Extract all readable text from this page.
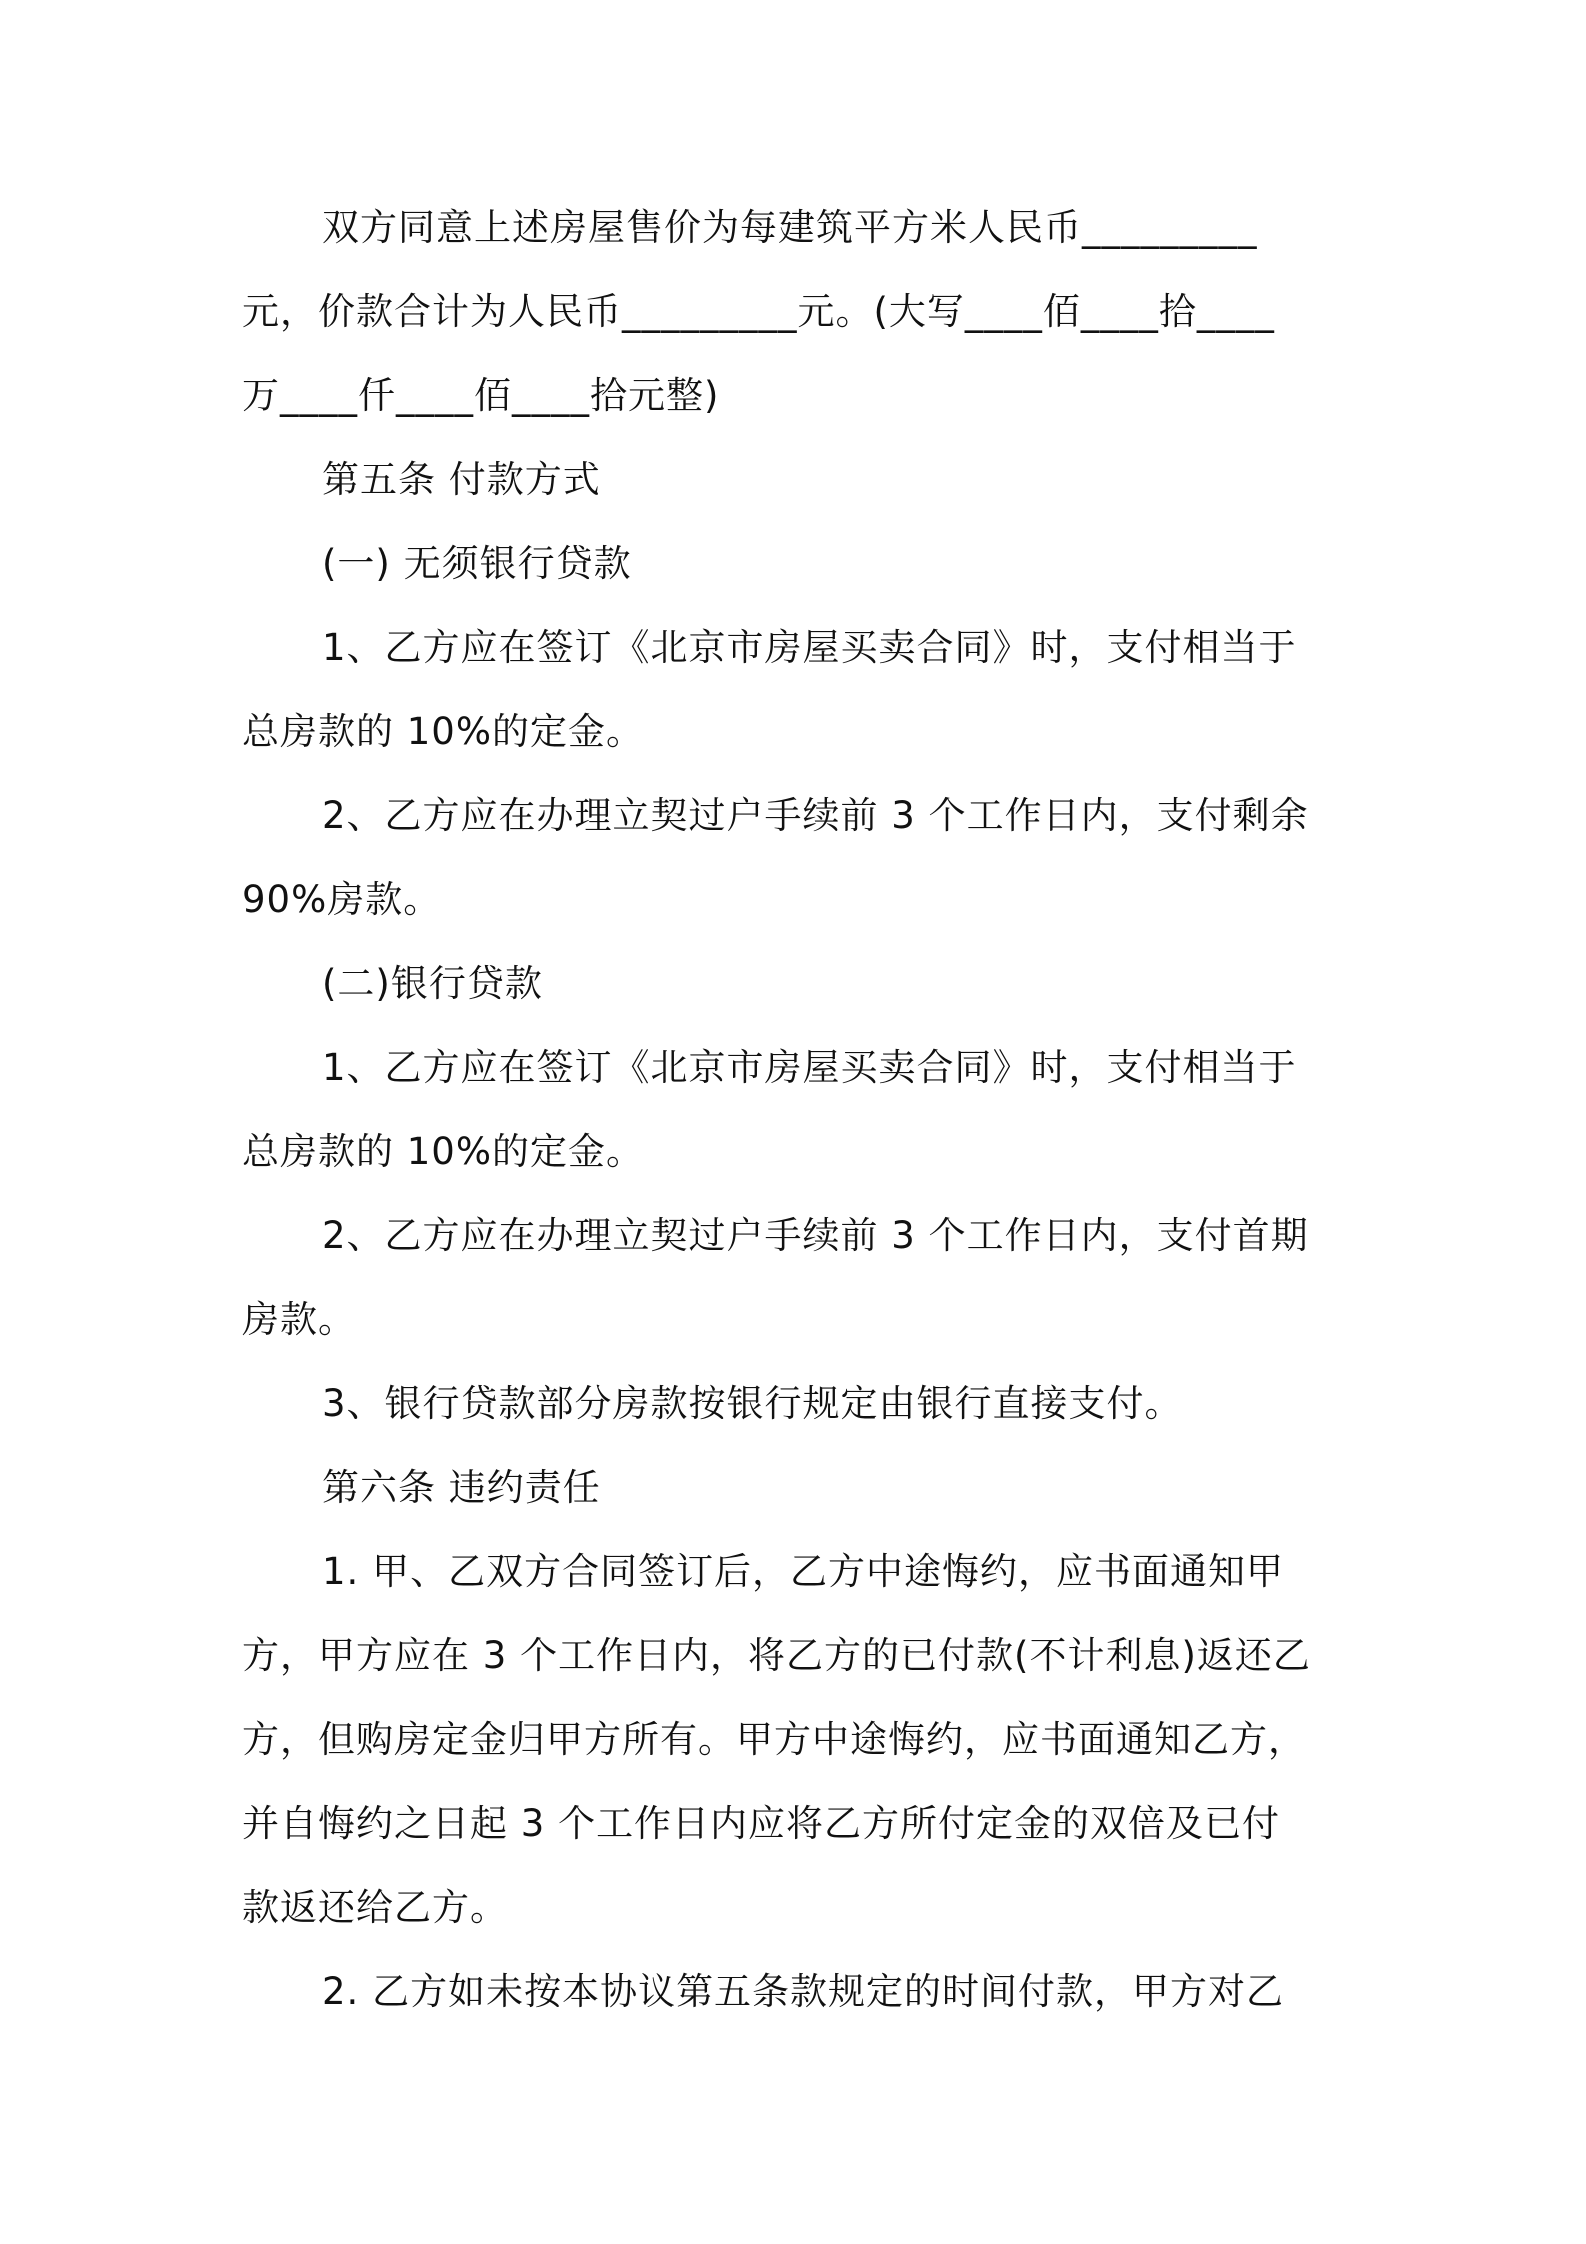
双方同意上述房屋售价为每建筑平方米人民币_________
元，价款合计为人民币_________元。(大写____佰____拾____
万____仟____佰____拾元整)
第五条 付款方式
(一) 无须银行贷款
1、乙方应在签订《北京市房屋买卖合同》时，支付相当于
总房款的 10%的定金。
2、乙方应在办理立契过户手续前 3 个工作日内，支付剩余
90%房款。
(二)银行贷款
1、乙方应在签订《北京市房屋买卖合同》时，支付相当于
总房款的 10%的定金。
2、乙方应在办理立契过户手续前 3 个工作日内，支付首期
房款。
3、银行贷款部分房款按银行规定由银行直接支付。
第六条 违约责任
1. 甲、乙双方合同签订后，乙方中途悔约，应书面通知甲
方，甲方应在 3 个工作日内，将乙方的已付款(不计利息)返还乙
方，但购房定金归甲方所有。甲方中途悔约，应书面通知乙方，
并自悔约之日起 3 个工作日内应将乙方所付定金的双倍及已付
款返还给乙方。
2. 乙方如未按本协议第五条款规定的时间付款，甲方对乙
